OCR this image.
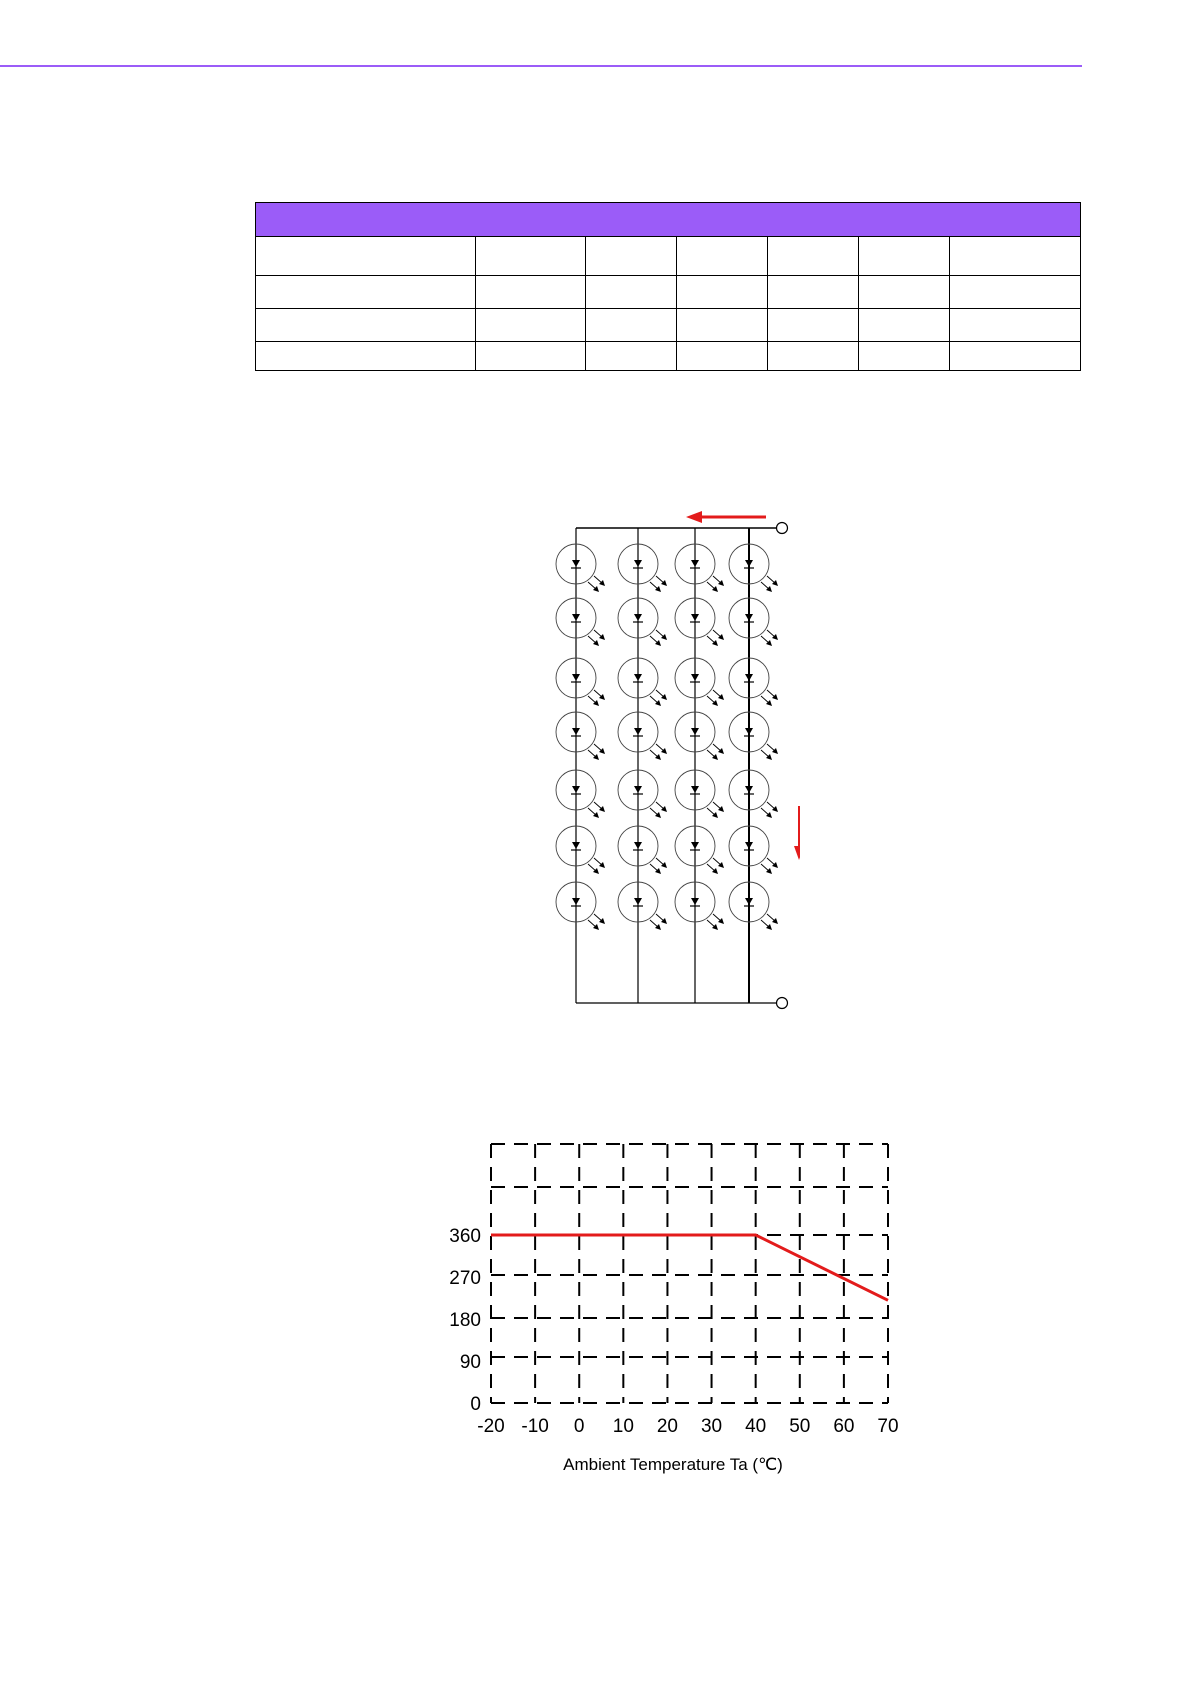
-20 -10 0 10 20 30 40 50 60 70
0
90
180
270
360
Ambient Temperature Ta (℃)
